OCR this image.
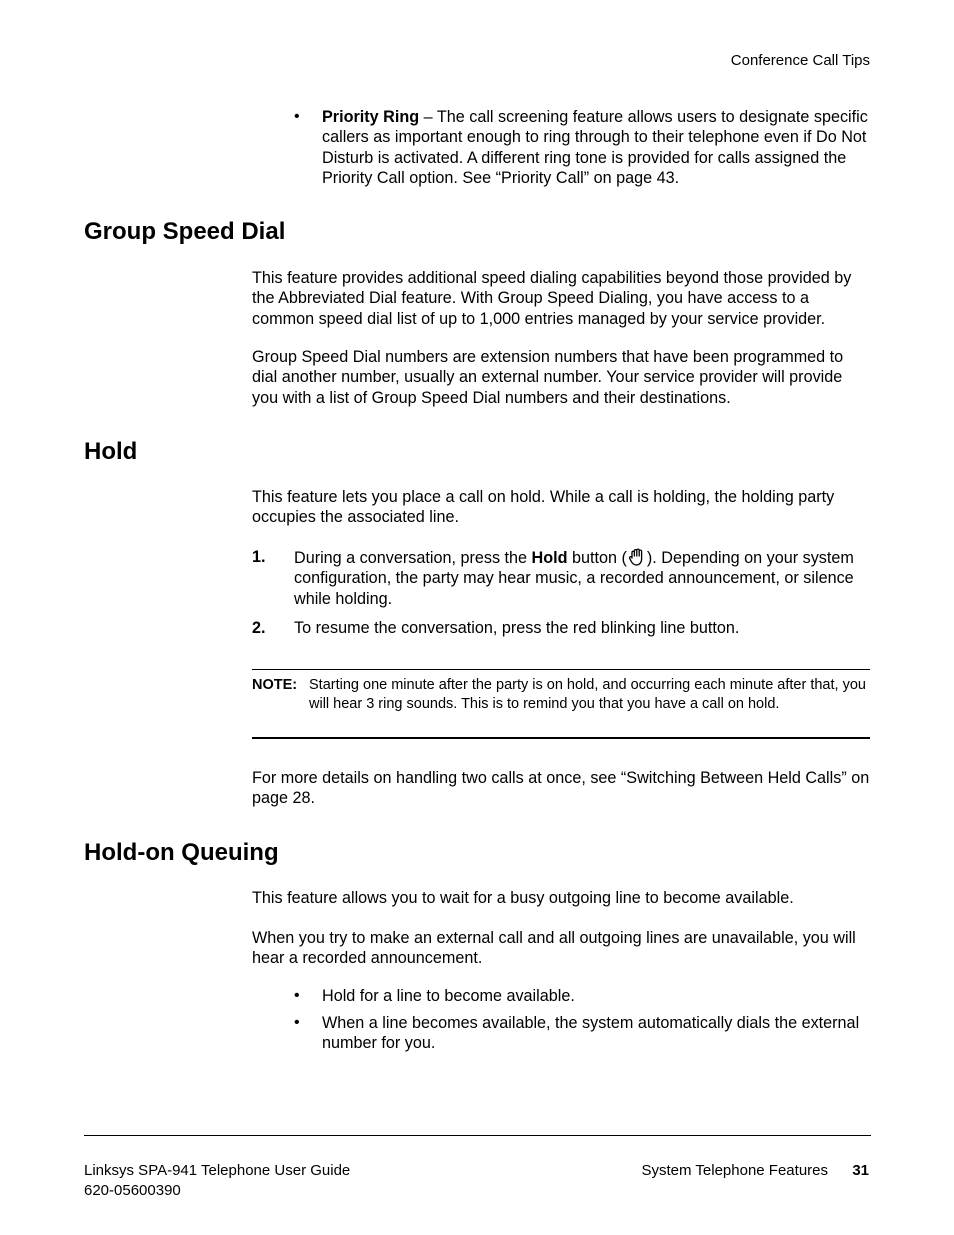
Conference Call Tips
• Priority Ring – The call screening feature allows users to designate specific callers as important enough to ring through to their telephone even if Do Not Disturb is activated. A different ring tone is provided for calls assigned the Priority Call option. See “Priority Call” on page 43.
Group Speed Dial
This feature provides additional speed dialing capabilities beyond those provided by the Abbreviated Dial feature. With Group Speed Dialing, you have access to a common speed dial list of up to 1,000 entries managed by your service provider.
Group Speed Dial numbers are extension numbers that have been programmed to dial another number, usually an external number. Your service provider will provide you with a list of Group Speed Dial numbers and their destinations.
Hold
This feature lets you place a call on hold. While a call is holding, the holding party occupies the associated line.
1. During a conversation, press the Hold button ( ). Depending on your system configuration, the party may hear music, a recorded announcement, or silence while holding.
2. To resume the conversation, press the red blinking line button.
NOTE: Starting one minute after the party is on hold, and occurring each minute after that, you will hear 3 ring sounds. This is to remind you that you have a call on hold.
For more details on handling two calls at once, see “Switching Between Held Calls” on page 28.
Hold-on Queuing
This feature allows you to wait for a busy outgoing line to become available.
When you try to make an external call and all outgoing lines are unavailable, you will hear a recorded announcement.
• Hold for a line to become available.
• When a line becomes available, the system automatically dials the external number for you.
Linksys SPA-941 Telephone User Guide
620-05600390
System Telephone Features 31
